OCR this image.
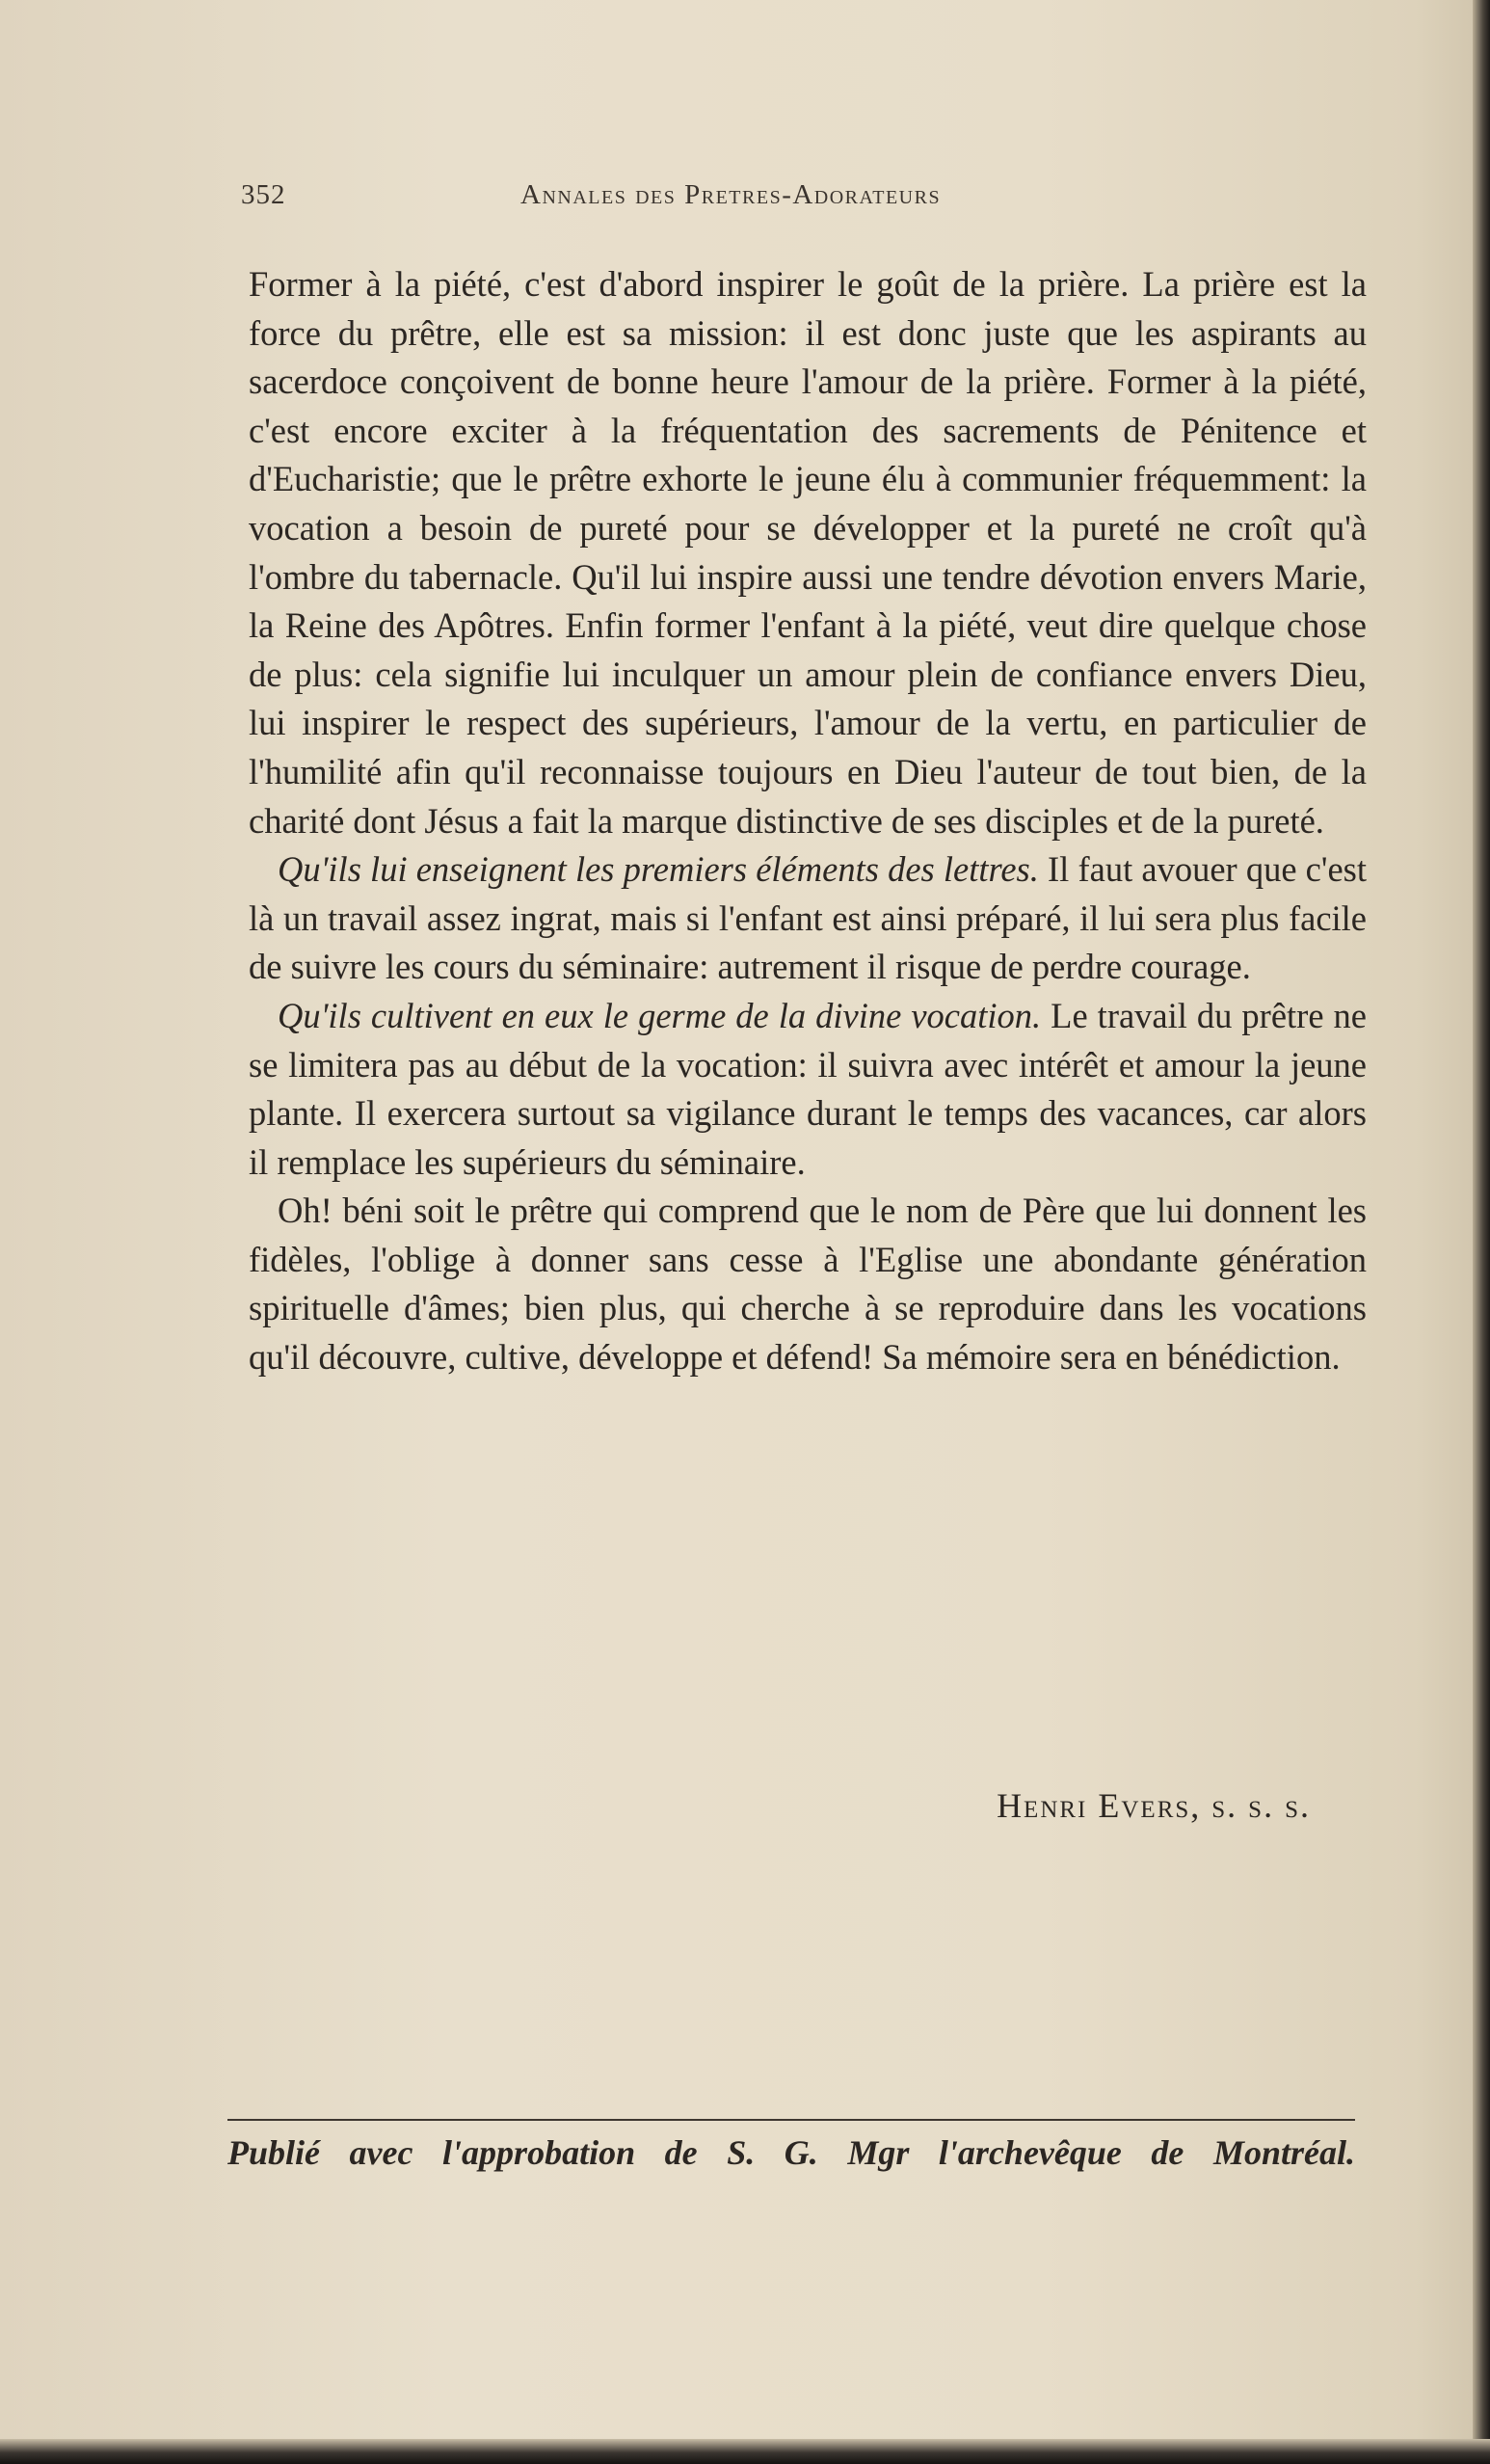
352	Annales des Pretres-Adorateurs

Former à la piété, c'est d'abord inspirer le goût de la prière. La prière est la force du prêtre, elle est sa mission: il est donc juste que les aspirants au sacerdoce conçoivent de bonne heure l'amour de la prière. Former à la piété, c'est encore exciter à la fréquentation des sacrements de Pénitence et d'Eucharistie; que le prêtre exhorte le jeune élu à communier fréquemment: la vocation a besoin de pureté pour se développer et la pureté ne croît qu'à l'ombre du tabernacle. Qu'il lui inspire aussi une tendre dévotion envers Marie, la Reine des Apôtres. Enfin former l'enfant à la piété, veut dire quelque chose de plus: cela signifie lui inculquer un amour plein de confiance envers Dieu, lui inspirer le respect des supérieurs, l'amour de la vertu, en particulier de l'humilité afin qu'il reconnaisse toujours en Dieu l'auteur de tout bien, de la charité dont Jésus a fait la marque distinctive de ses disciples et de la pureté.

Qu'ils lui enseignent les premiers éléments des lettres. Il faut avouer que c'est là un travail assez ingrat, mais si l'enfant est ainsi préparé, il lui sera plus facile de suivre les cours du séminaire: autrement il risque de perdre courage.

Qu'ils cultivent en eux le germe de la divine vocation. Le travail du prêtre ne se limitera pas au début de la vocation: il suivra avec intérêt et amour la jeune plante. Il exercera surtout sa vigilance durant le temps des vacances, car alors il remplace les supérieurs du séminaire.

Oh! béni soit le prêtre qui comprend que le nom de Père que lui donnent les fidèles, l'oblige à donner sans cesse à l'Eglise une abondante génération spirituelle d'âmes; bien plus, qui cherche à se reproduire dans les vocations qu'il découvre, cultive, développe et défend! Sa mémoire sera en bénédiction.

Henri Evers, s. s. s.
Publié avec l'approbation de S. G. Mgr l'archevêque de Montréal.
